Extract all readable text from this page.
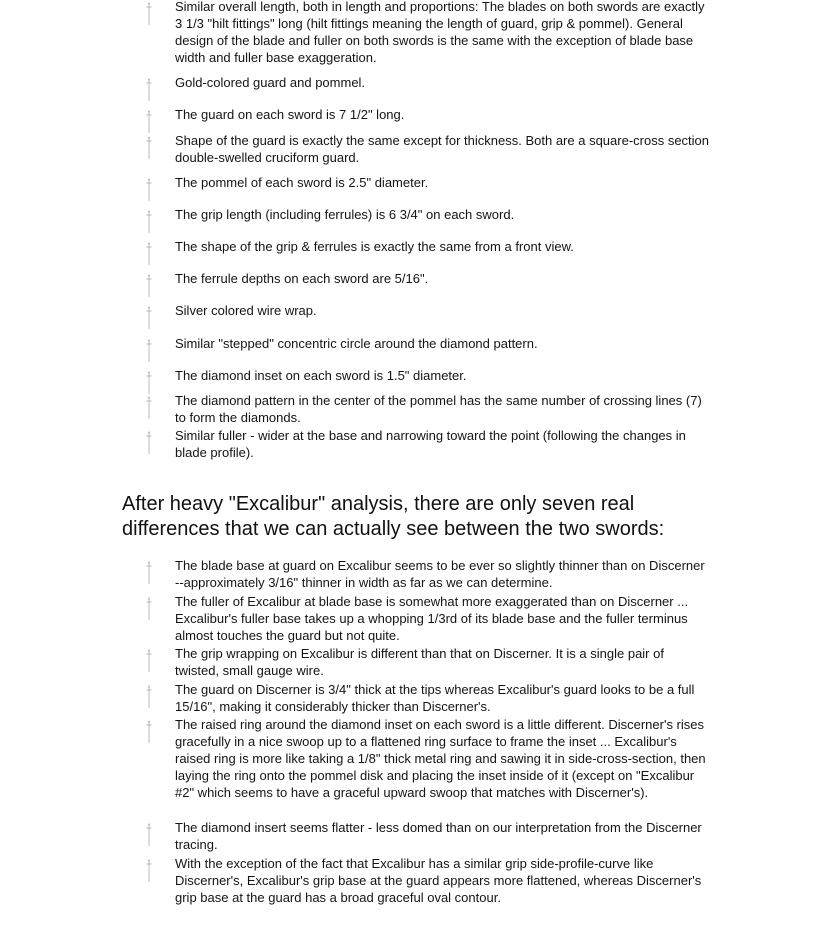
Similar overall length, both in length and proportions: The blades on both swords are exactly 3 1/3 "hilt fittings" long (hilt fittings meaning the length of guard, grip & pommel). General design of the blade and fuller on both swords is the same with the exception of blade base width and fuller base exaggeration.

Gold-colored guard and pommel.

The guard on each sword is 7 1/2" long.

Shape of the guard is exactly the same except for thickness. Both are a square-cross section double-swelled cruciform guard.

The pommel of each sword is 2.5" diameter.

The grip length (including ferrules) is 6 3/4" on each sword.

The shape of the grip & ferrules is exactly the same from a front view.

The ferrule depths on each sword are 5/16".

Silver colored wire wrap.

Similar "stepped" concentric circle around the diamond pattern.

The diamond inset on each sword is 1.5" diameter.

The diamond pattern in the center of the pommel has the same number of crossing lines (7) to form the diamonds.

Similar fuller - wider at the base and narrowing toward the point (following the changes in blade profile).

After heavy "Excalibur" analysis, there are only seven real differences that we can actually see between the two swords:

The blade base at guard on Excalibur seems to be ever so slightly thinner than on Discerner --approximately 3/16" thinner in width as far as we can determine.

The fuller of Excalibur at blade base is somewhat more exaggerated than on Discerner ... Excalibur's fuller base takes up a whopping 1/3rd of its blade base and the fuller terminus almost touches the guard but not quite.

The grip wrapping on Excalibur is different than that on Discerner. It is a single pair of twisted, small gauge wire.

The guard on Discerner is 3/4" thick at the tips whereas Excalibur's guard looks to be a full 15/16", making it considerably thicker than Discerner's.

The raised ring around the diamond inset on each sword is a little different. Discerner's rises gracefully in a nice swoop up to a flattened ring surface to frame the inset ... Excalibur's raised ring is more like taking a 1/8" thick metal ring and sawing it in side-cross-section, then laying the ring onto the pommel disk and placing the inset inside of it (except on "Excalibur #2" which seems to have a graceful upward swoop that matches with Discerner's).

The diamond insert seems flatter - less domed than on our interpretation from the Discerner tracing.

With the exception of the fact that Excalibur has a similar grip side-profile-curve like Discerner's, Excalibur's grip base at the guard appears more flattened, whereas Discerner's grip base at the guard has a broad graceful oval contour.
